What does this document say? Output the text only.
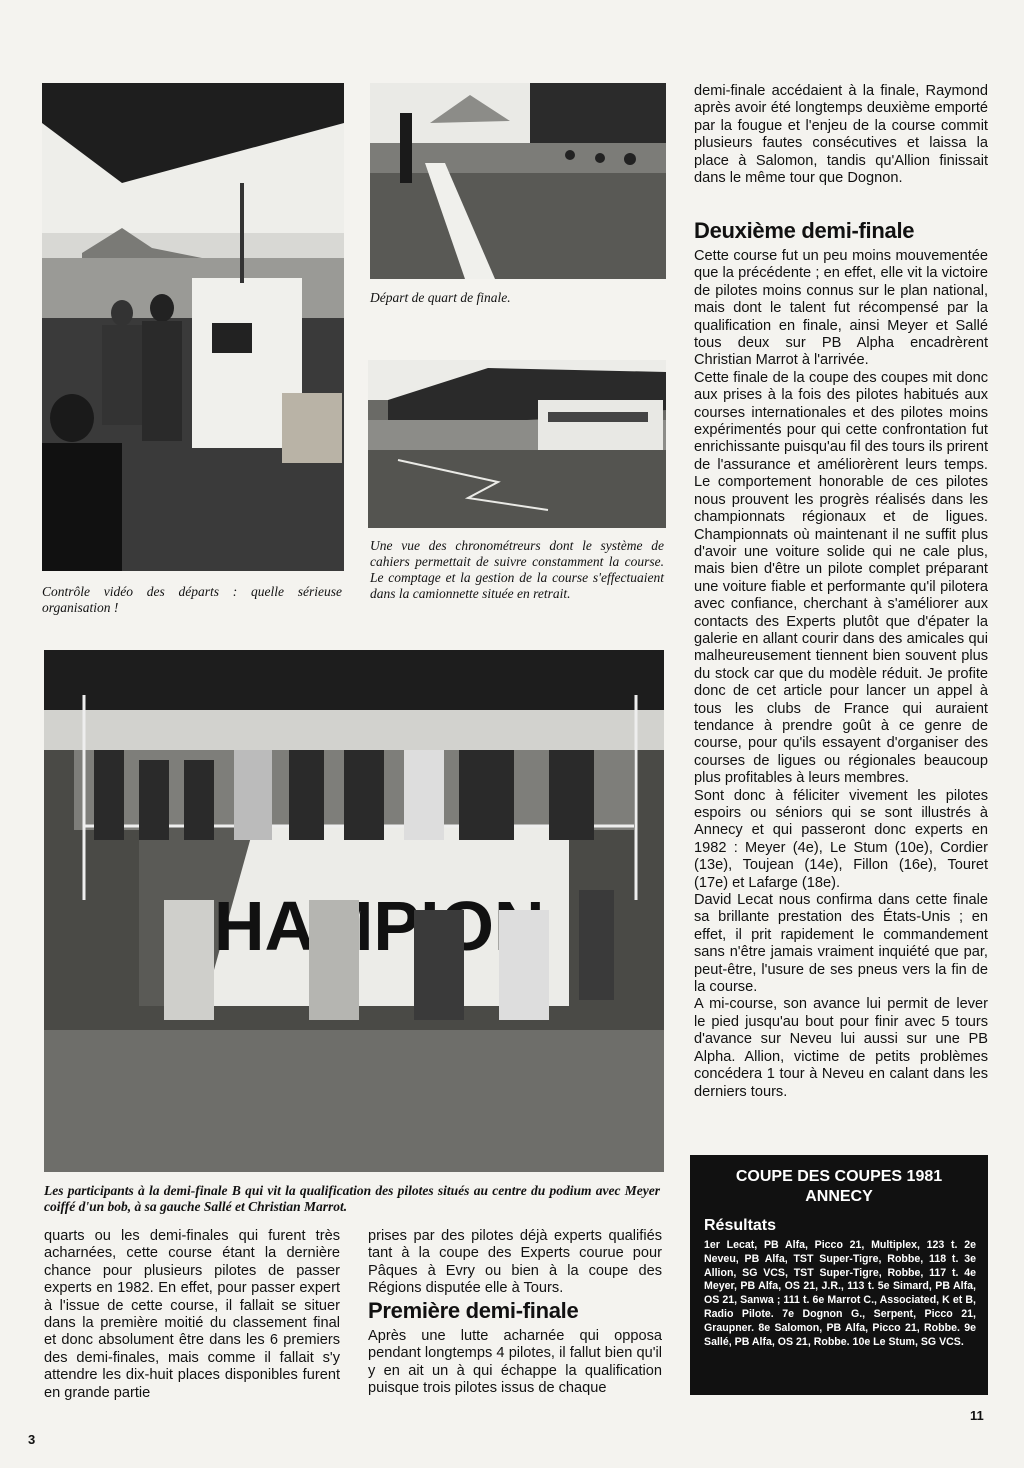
Contrôle vidéo des départs : quelle sérieuse organisation !

Départ de quart de finale.

Une vue des chronométreurs dont le système de cahiers permettait de suivre constamment la course. Le comptage et la gestion de la course s'effectuaient dans la camionnette située en retrait.

Les participants à la demi-finale B qui vit la qualification des pilotes situés au centre du podium avec Meyer coiffé d'un bob, à sa gauche Sallé et Christian Marrot.

demi-finale accédaient à la finale, Raymond après avoir été longtemps deuxième emporté par la fougue et l'enjeu de la course commit plusieurs fautes consécutives et laissa la place à Salomon, tandis qu'Allion finissait dans le même tour que Dognon.

Deuxième demi-finale

Cette course fut un peu moins mouvementée que la précédente ; en effet, elle vit la victoire de pilotes moins connus sur le plan national, mais dont le talent fut récompensé par la qualification en finale, ainsi Meyer et Sallé tous deux sur PB Alpha encadrèrent Christian Marrot à l'arrivée.

Cette finale de la coupe des coupes mit donc aux prises à la fois des pilotes habitués aux courses internationales et des pilotes moins expérimentés pour qui cette confrontation fut enrichissante puisqu'au fil des tours ils prirent de l'assurance et améliorèrent leurs temps. Le comportement honorable de ces pilotes nous prouvent les progrès réalisés dans les championnats régionaux et de ligues. Championnats où maintenant il ne suffit plus d'avoir une voiture solide qui ne cale plus, mais bien d'être un pilote complet préparant une voiture fiable et performante qu'il pilotera avec confiance, cherchant à s'améliorer aux contacts des Experts plutôt que d'épater la galerie en allant courir dans des amicales qui malheureusement tiennent bien souvent plus du stock car que du modèle réduit. Je profite donc de cet article pour lancer un appel à tous les clubs de France qui auraient tendance à prendre goût à ce genre de course, pour qu'ils essayent d'organiser des courses de ligues ou régionales beaucoup plus profitables à leurs membres.

Sont donc à féliciter vivement les pilotes espoirs ou séniors qui se sont illustrés à Annecy et qui passeront donc experts en 1982 : Meyer (4e), Le Stum (10e), Cordier (13e), Toujean (14e), Fillon (16e), Touret (17e) et Lafarge (18e).

David Lecat nous confirma dans cette finale sa brillante prestation des États-Unis ; en effet, il prit rapidement le commandement sans n'être jamais vraiment inquiété que par, peut-être, l'usure de ses pneus vers la fin de la course.

A mi-course, son avance lui permit de lever le pied jusqu'au bout pour finir avec 5 tours d'avance sur Neveu lui aussi sur une PB Alpha. Allion, victime de petits problèmes concédera 1 tour à Neveu en calant dans les derniers tours.

quarts ou les demi-finales qui furent très acharnées, cette course étant la dernière chance pour plusieurs pilotes de passer experts en 1982. En effet, pour passer expert à l'issue de cette course, il fallait se situer dans la première moitié du classement final et donc absolument être dans les 6 premiers des demi-finales, mais comme il fallait s'y attendre les dix-huit places disponibles furent en grande partie

prises par des pilotes déjà experts qualifiés tant à la coupe des Experts courue pour Pâques à Evry ou bien à la coupe des Régions disputée elle à Tours.

Première demi-finale

Après une lutte acharnée qui opposa pendant longtemps 4 pilotes, il fallut bien qu'il y en ait un à qui échappe la qualification puisque trois pilotes issus de chaque

COUPE DES COUPES 1981
ANNECY
Résultats
1er Lecat, PB Alfa, Picco 21, Multiplex, 123 t. 2e Neveu, PB Alfa, TST Super-Tigre, Robbe, 118 t. 3e Allion, SG VCS, TST Super-Tigre, Robbe, 117 t. 4e Meyer, PB Alfa, OS 21, J.R., 113 t. 5e Simard, PB Alfa, OS 21, Sanwa ; 111 t. 6e Marrot C., Associated, K et B, Radio Pilote. 7e Dognon G., Serpent, Picco 21, Graupner. 8e Salomon, PB Alfa, Picco 21, Robbe. 9e Sallé, PB Alfa, OS 21, Robbe. 10e Le Stum, SG VCS.
3
11
